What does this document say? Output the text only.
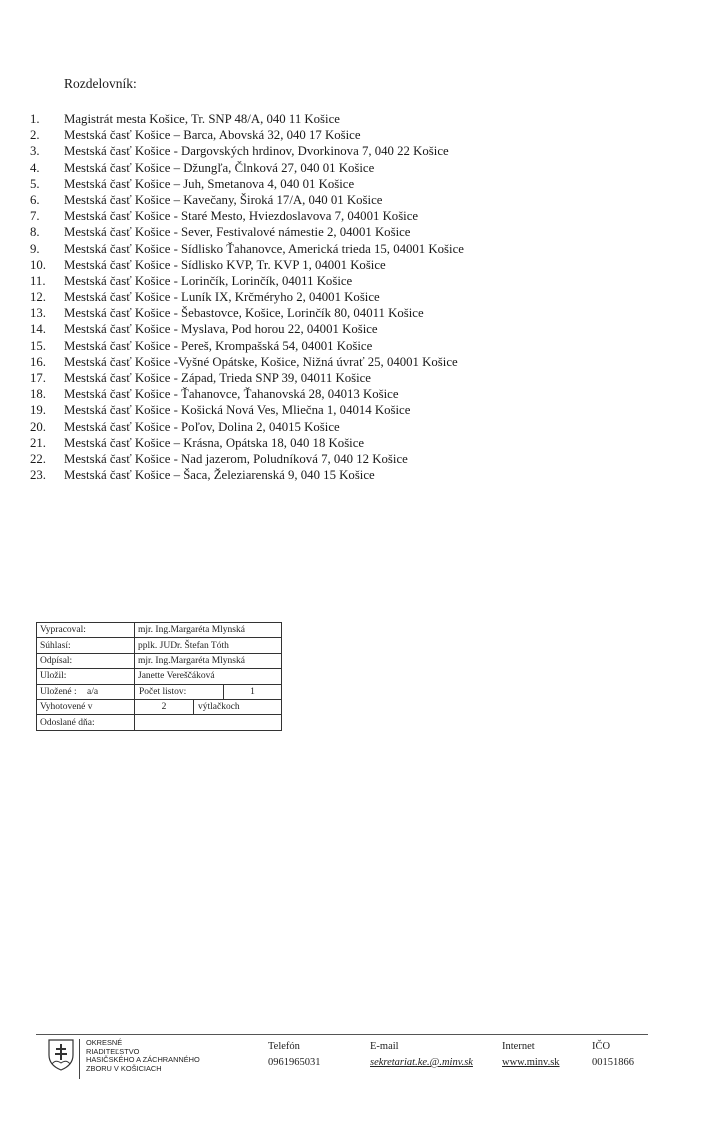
Rozdelovník:
1. Magistrát mesta Košice, Tr. SNP 48/A, 040 11 Košice
2. Mestská časť Košice – Barca, Abovská 32, 040 17 Košice
3. Mestská časť Košice - Dargovských hrdinov, Dvorkinova 7, 040 22 Košice
4. Mestská časť Košice – Džungľa, Člnková 27, 040 01 Košice
5. Mestská časť Košice – Juh, Smetanova 4, 040 01 Košice
6. Mestská časť Košice – Kavečany, Široká 17/A, 040 01 Košice
7. Mestská časť Košice - Staré Mesto, Hviezdoslavova 7, 04001 Košice
8. Mestská časť Košice - Sever, Festivalové námestie 2, 04001 Košice
9. Mestská časť Košice - Sídlisko Ťahanovce, Americká trieda 15, 04001 Košice
10. Mestská časť Košice - Sídlisko KVP, Tr. KVP 1, 04001 Košice
11. Mestská časť Košice - Lorinčík, Lorinčík, 04011 Košice
12. Mestská časť Košice - Luník IX, Krčméryho 2, 04001 Košice
13. Mestská časť Košice - Šebastovce, Košice, Lorinčík 80, 04011 Košice
14. Mestská časť Košice - Myslava, Pod horou 22, 04001 Košice
15. Mestská časť Košice - Pereš, Krompašská 54, 04001 Košice
16. Mestská časť Košice -Vyšné Opátske, Košice, Nižná úvrať 25, 04001 Košice
17. Mestská časť Košice - Západ, Trieda SNP 39, 04011 Košice
18. Mestská časť Košice - Ťahanovce, Ťahanovská 28, 04013 Košice
19. Mestská časť Košice - Košická Nová Ves, Mliečna 1, 04014 Košice
20. Mestská časť Košice - Poľov, Dolina 2, 04015 Košice
21. Mestská časť Košice – Krásna, Opátska 18, 040 18 Košice
22. Mestská časť Košice - Nad jazerom, Poludníková 7, 040 12 Košice
23. Mestská časť Košice – Šaca, Železiarenská 9, 040 15 Košice
Vypracoval:	mjr. Ing.Margaréta Mlynská
Súhlasí:	pplk. JUDr. Štefan Tóth
Odpísal:	mjr. Ing.Margaréta Mlynská
Uložil:	Janette Vereščáková
Uložené : a/a		Počet listov:	1

Vyhotovené v		2	výtlačkoch

Odoslané dňa:	
OKRESNÉ
RIADITEĽSTVO
HASIČSKÉHO A ZÁCHRANNÉHO
ZBORU V KOŠICIACH
Telefón
0961965031
E-mail
sekretariat.ke.@.minv.sk
Internet
www.minv.sk
IČO
00151866
